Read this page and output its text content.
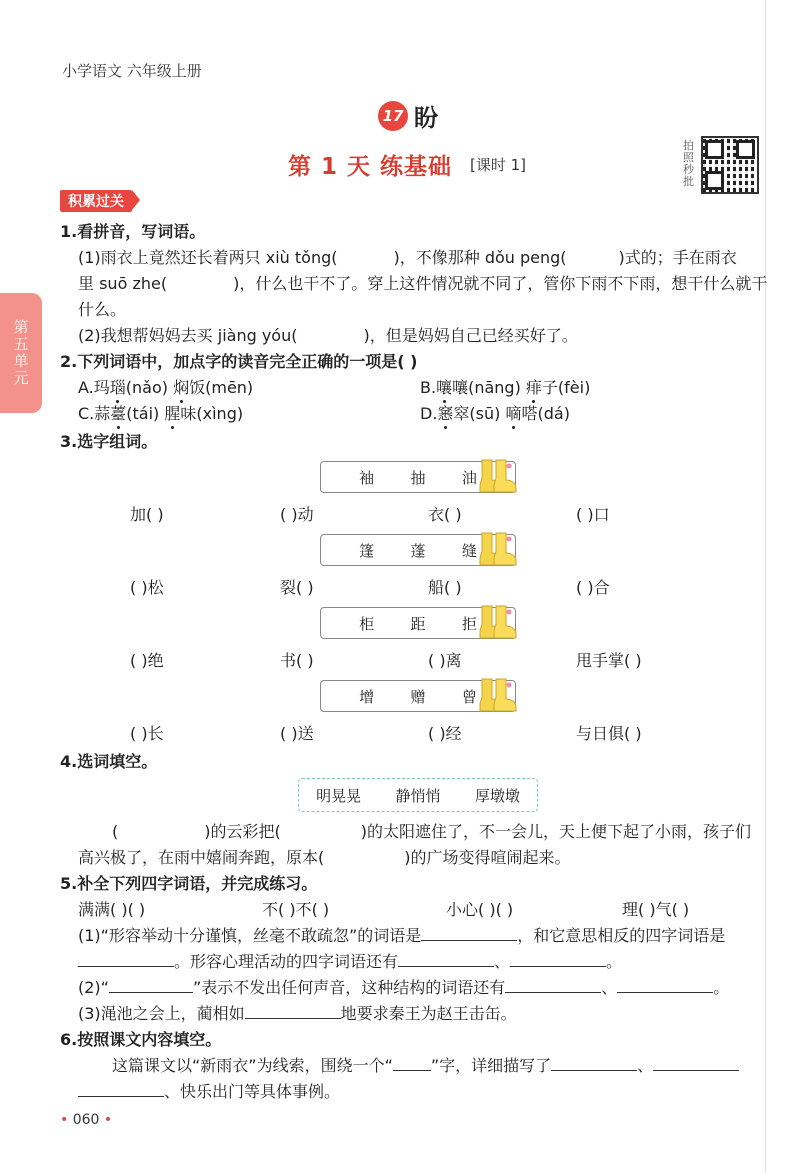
小学语文 六年级上册
17 盼
第 1 天 练基础 [课时 1]
拍照秒批
积累过关
第五单元
1.看拼音，写词语。
(1)雨衣上竟然还长着两只 xiù tǒng(	)，不像那种 dǒu peng(	)式的；手在雨衣
里 suō zhe(	)，什么也干不了。穿上这件情况就不同了，管你下雨不下雨，想干什么就干
什么。
(2)我想帮妈妈去买 jiàng yóu(	)，但是妈妈自己已经买好了。
2.下列词语中，加点字的读音完全正确的一项是( )
A.玛瑙(nǎo) 焖饭(mēn)	B.嚷嚷(nāng) 痱子(fèi)
C.蒜薹(tái) 腥味(xìng)	D.窸窣(sū) 嘀嗒(dá)
3.选字组词。
袖 抽 油
加( )	( )动	衣( )	( )口
篷 蓬 缝
( )松	裂( )	船( )	( )合
柜 距 拒
( )绝	书( )	( )离	甩手掌( )
增 赠 曾
( )长	( )送	( )经	与日俱( )
4.选词填空。
明晃晃 静悄悄 厚墩墩
(	)的云彩把(	)的太阳遮住了，不一会儿，天上便下起了小雨，孩子们
高兴极了，在雨中嬉闹奔跑，原本(	)的广场变得喧闹起来。
5.补全下列四字词语，并完成练习。
满满( )( )	不( )不( )	小心( )( )	理( )气( )
(1)“形容举动十分谨慎，丝毫不敢疏忽”的词语是	，和它意思相反的四字词语是
。形容心理活动的四字词语还有	、	。
(2)“	”表示不发出任何声音，这种结构的词语还有	、	。
(3)渑池之会上，蔺相如	地要求秦王为赵王击缶。
6.按照课文内容填空。
这篇课文以“新雨衣”为线索，围绕一个“ ”字，详细描写了	、
、快乐出门等具体事例。
• 060 •
